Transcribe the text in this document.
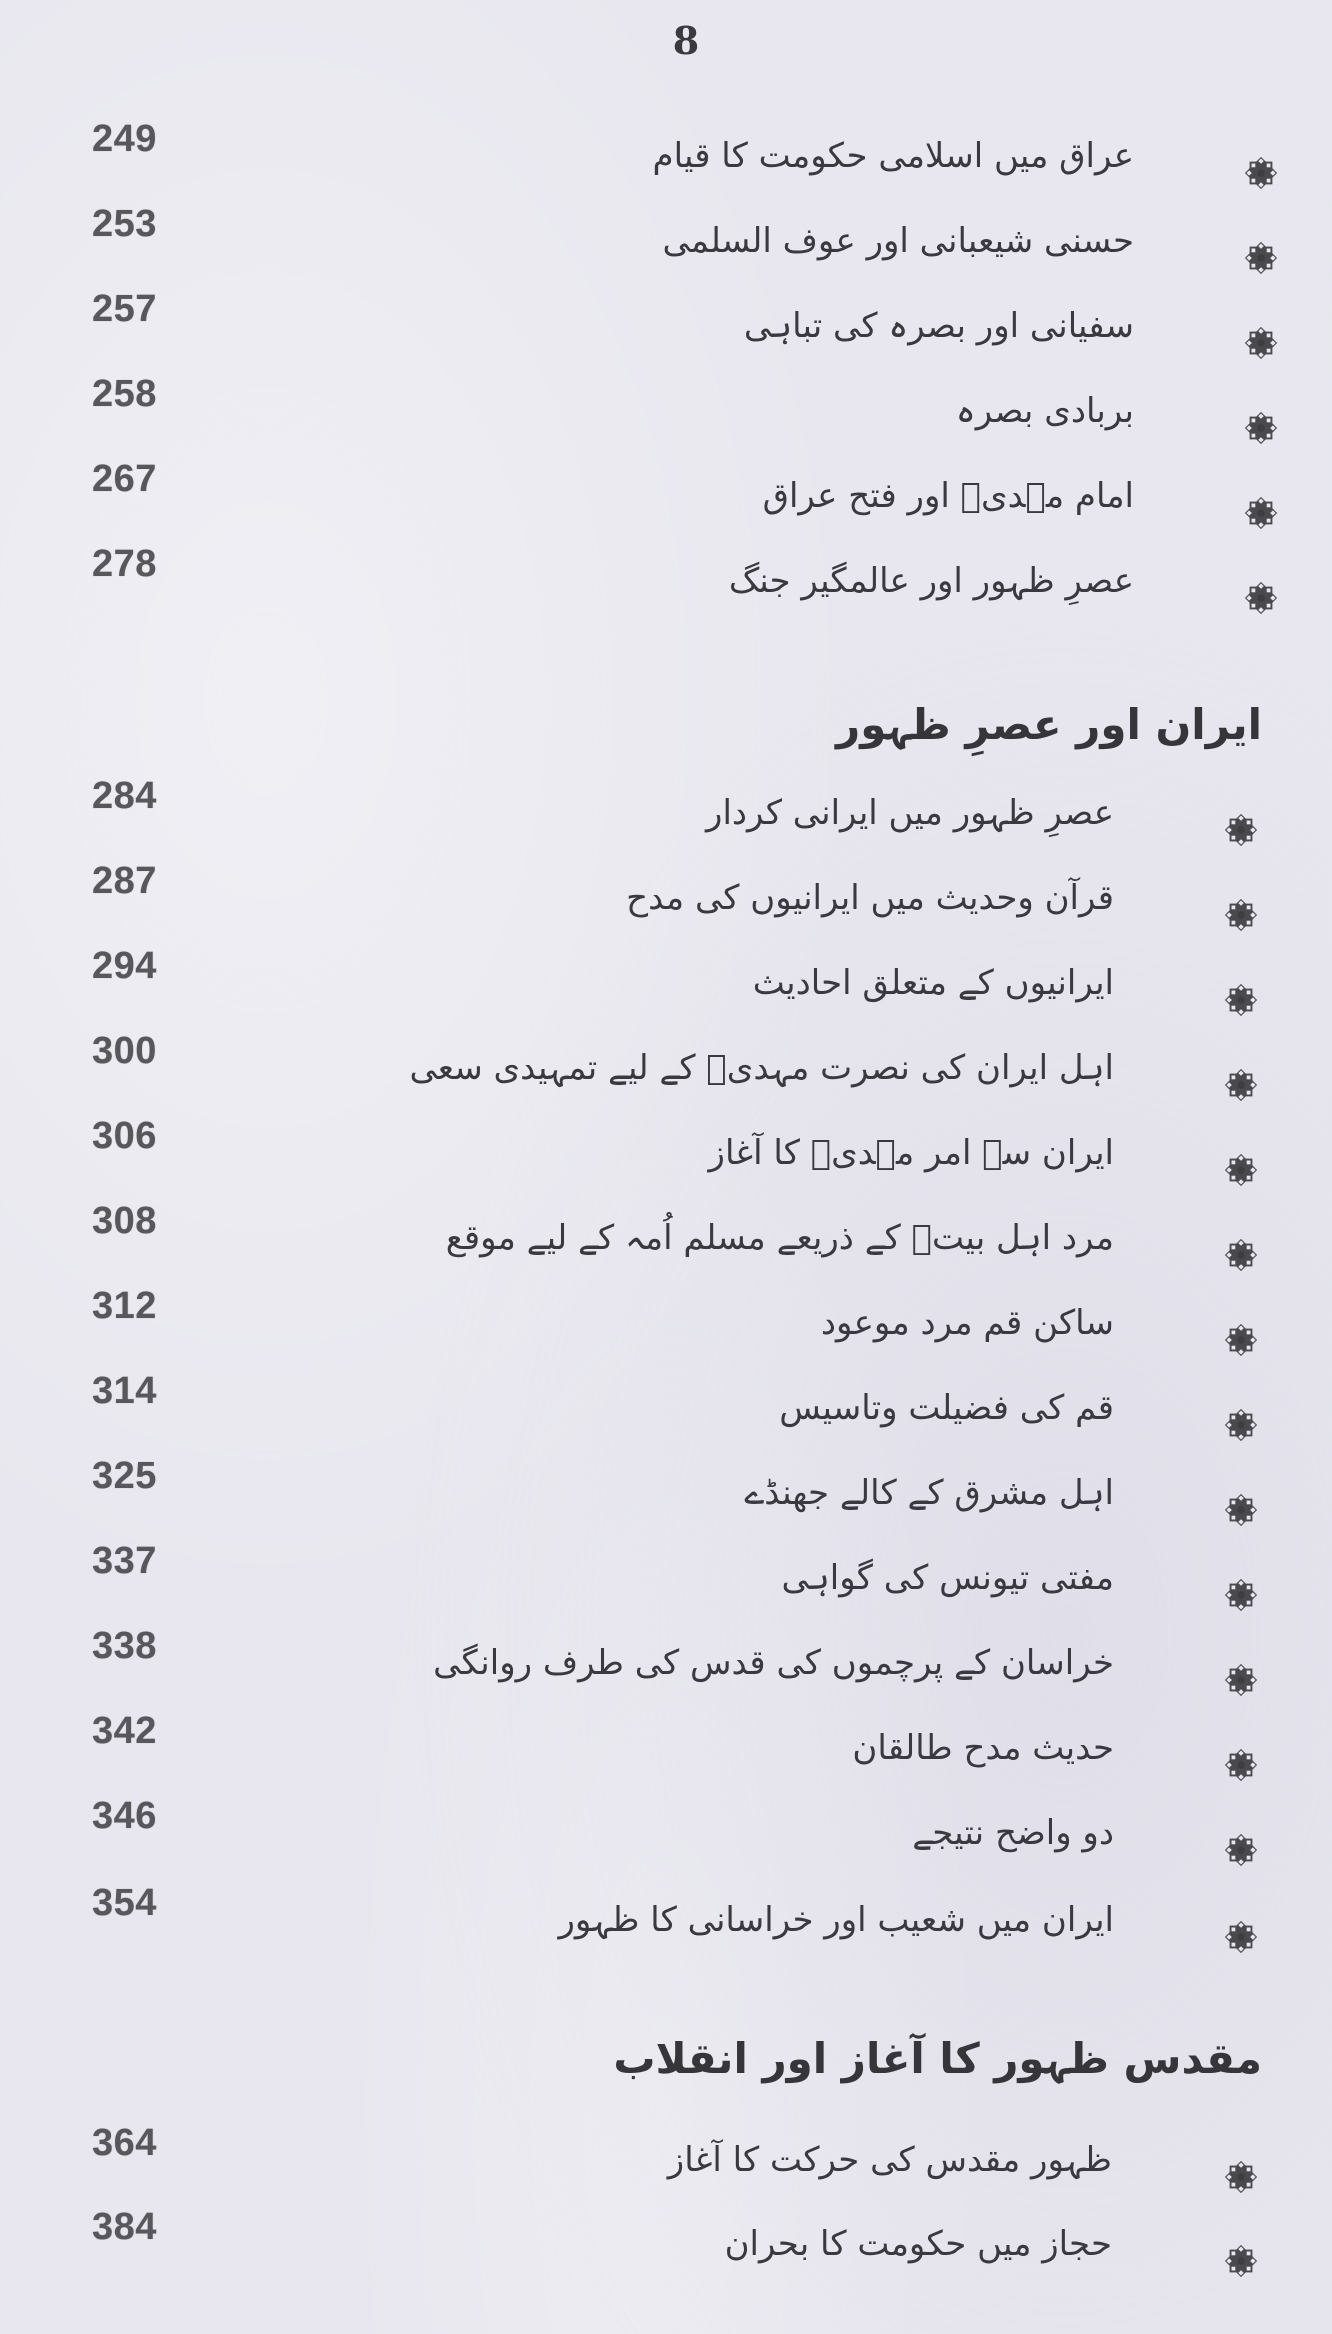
8
249	عراق میں اسلامی حکومت کا قیام
253	حسنی شیعبانی اور عوف السلمی
257	سفیانی اور بصرہ کی تباہی
258	بربادی بصرہ
267	امام مہدیؑ اور فتح عراق
278	عصرِ ظہور اور عالمگیر جنگ
ایران اور عصرِ ظہور
284	عصرِ ظہور میں ایرانی کردار
287	قرآن وحدیث میں ایرانیوں کی مدح
294	ایرانیوں کے متعلق احادیث
300	اہل ایران کی نصرت مہدیؑ کے لیے تمہیدی سعی
306	ایران سے امر مہدیؑ کا آغاز
308	مرد اہل بیتؑ کے ذریعے مسلم اُمہ کے لیے موقع
312	ساکن قم مرد موعود
314	قم کی فضیلت وتاسیس
325	اہل مشرق کے کالے جھنڈے
337	مفتی تیونس کی گواہی
338	خراسان کے پرچموں کی قدس کی طرف روانگی
342	حدیث مدح طالقان
346	دو واضح نتیجے
354	ایران میں شعیب اور خراسانی کا ظہور
مقدس ظہور کا آغاز اور انقلاب
364	ظہور مقدس کی حرکت کا آغاز
384	حجاز میں حکومت کا بحران
